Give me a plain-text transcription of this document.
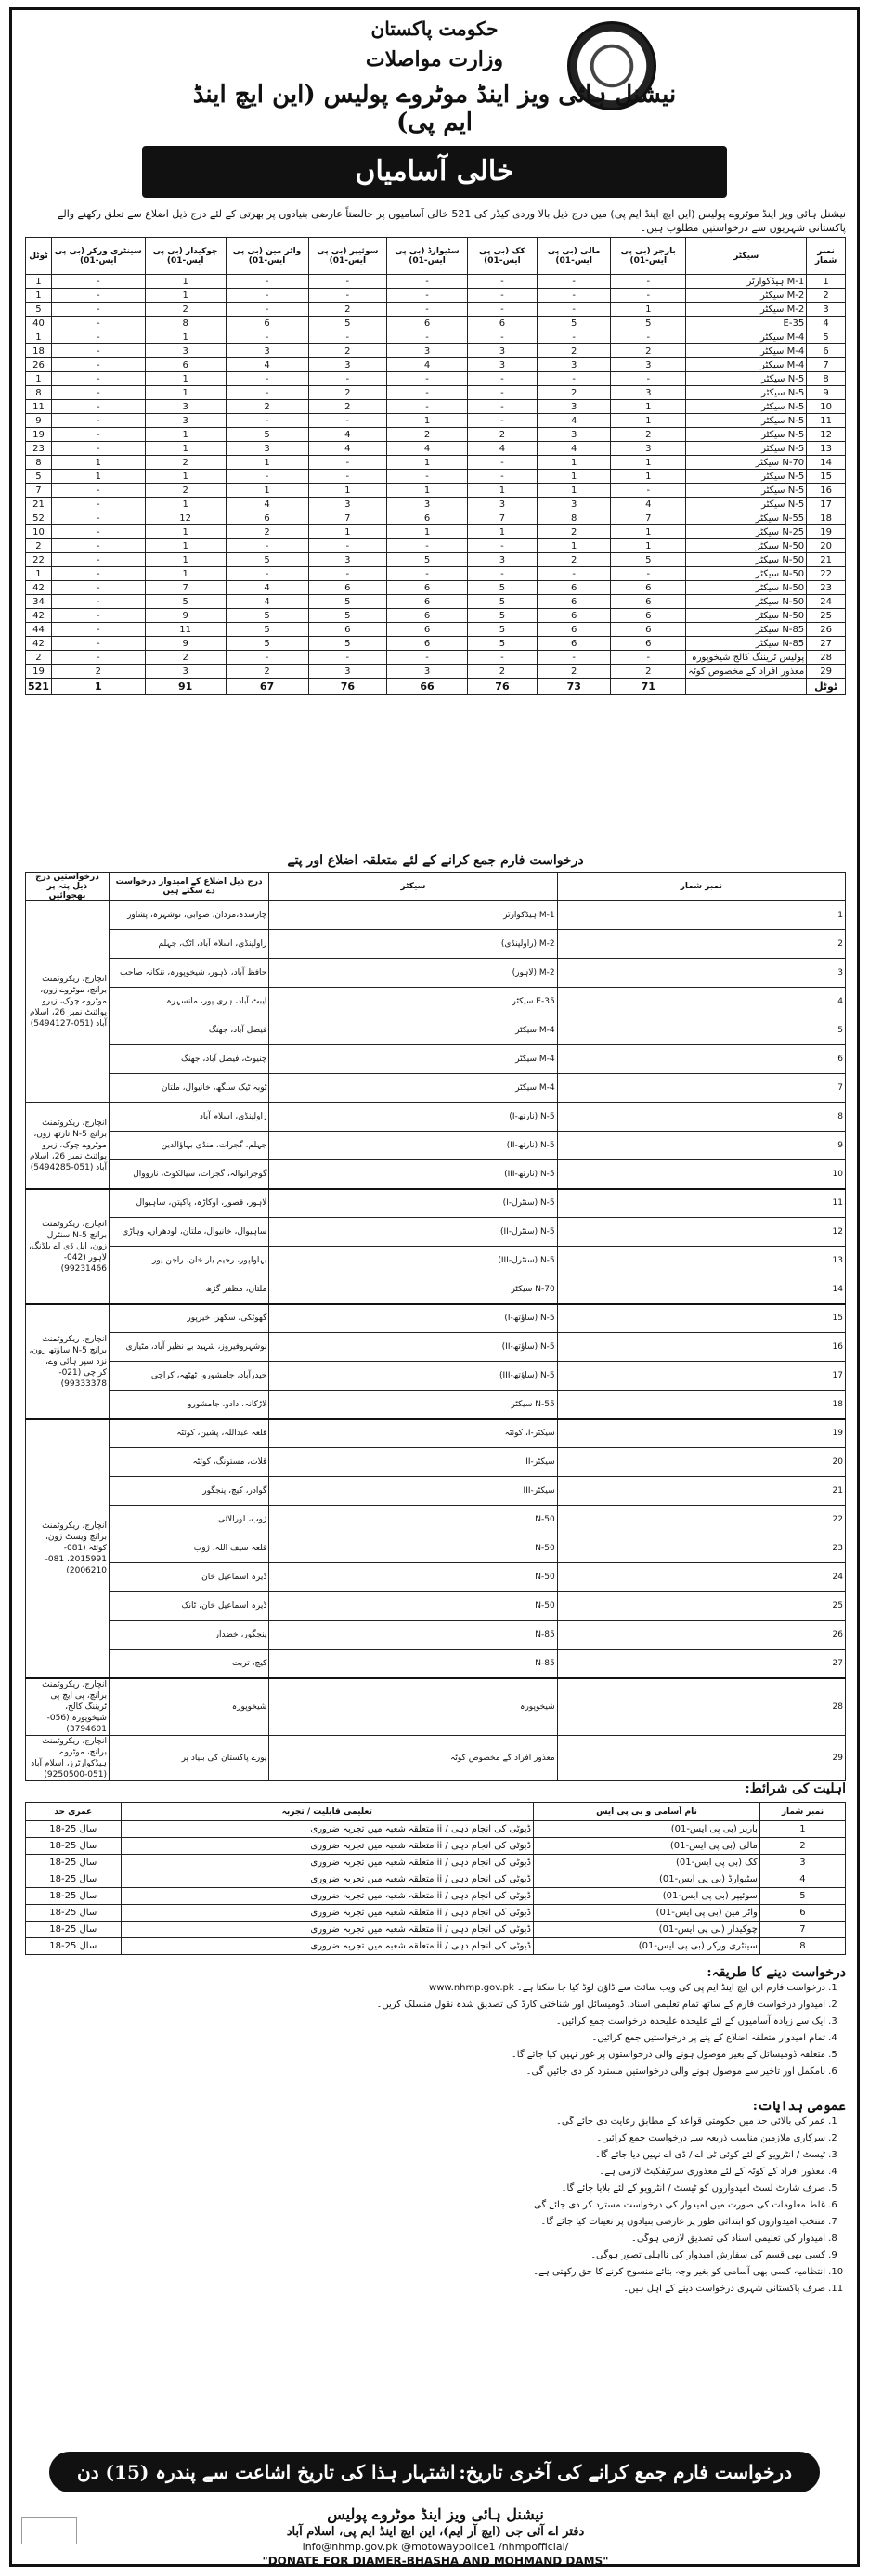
حکومت پاکستان
وزارت مواصلات
نیشنل ہائی ویز اینڈ موٹروے پولیس (این ایچ اینڈ ایم پی)
خالی آسامیاں
نیشنل ہائی ویز اینڈ موٹروے پولیس (این ایچ اینڈ ایم پی) میں درج ذیل بالا وردی کیڈر کی 521 خالی آسامیوں پر خالصتاً عارضی بنیادوں پر بھرتی کے لئے درج ذیل اضلاع سے تعلق رکھنے والے پاکستانی شہریوں سے درخواستیں مطلوب ہیں۔
ٹوٹل	سینٹری ورکر (بی پی ایس-01)	چوکیدار (بی پی ایس-01)	واٹر مین (بی پی ایس-01)	سوئیپر (بی پی ایس-01)	سٹیوارڈ (بی پی ایس-01)	کک (بی پی ایس-01)	مالی (بی پی ایس-01)	بارجر (بی پی ایس-01)	سیکٹر	نمبر شمار
1	-	1	-	-	-	-	-	-	M-1 ہیڈکوارٹر	1
1	-	1	-	-	-	-	-	-	M-2 سیکٹر	2
5	-	2	-	2	-	-	-	1	M-2 سیکٹر	3
40	-	8	6	5	6	6	5	5	E-35	4
1	-	1	-	-	-	-	-	-	M-4 سیکٹر	5
18	-	3	3	2	3	3	2	2	M-4 سیکٹر	6
26	-	6	4	3	4	3	3	3	M-4 سیکٹر	7
1	-	1	-	-	-	-	-	-	N-5 سیکٹر	8
8	-	1	-	2	-	-	2	3	N-5 سیکٹر	9
11	-	3	2	2	-	-	3	1	N-5 سیکٹر	10
9	-	3	-	-	1	-	4	1	N-5 سیکٹر	11
19	-	1	5	4	2	2	3	2	N-5 سیکٹر	12
23	-	1	3	4	4	4	4	3	N-5 سیکٹر	13
8	1	2	1	-	1	-	1	1	N-70 سیکٹر	14
5	1	1	-	-	-	-	1	1	N-5 سیکٹر	15
7	-	2	1	1	1	1	1	-	N-5 سیکٹر	16
21	-	1	4	3	3	3	3	4	N-5 سیکٹر	17
52	-	12	6	7	6	7	8	7	N-55 سیکٹر	18
10	-	1	2	1	1	1	2	1	N-25 سیکٹر	19
2	-	1	-	-	-	-	1	1	N-50 سیکٹر	20
22	-	1	5	3	5	3	2	5	N-50 سیکٹر	21
1	-	1	-	-	-	-	-	-	N-50 سیکٹر	22
42	-	7	4	6	6	5	6	6	N-50 سیکٹر	23
34	-	5	4	5	6	5	6	6	N-50 سیکٹر	24
42	-	9	5	5	6	5	6	6	N-50 سیکٹر	25
44	-	11	5	6	6	5	6	6	N-85 سیکٹر	26
42	-	9	5	5	6	5	6	6	N-85 سیکٹر	27
2	-	2	-	-	-	-	-	-	پولیس ٹریننگ کالج شیخوپورہ	28
19	2	3	2	3	3	2	2	2	معذور افراد کے مخصوص کوٹہ	29
521	1	91	67	76	66	76	73	71		ٹوٹل
درخواست فارم جمع کرانے کے لئے متعلقہ اضلاع اور پتے
درخواستیں درج ذیل پتہ پر بھجوائیں	درج ذیل اضلاع کے امیدوار درخواست دے سکتے ہیں	سیکٹر	نمبر شمار
انچارج، ریکروٹمنٹ برانچ، موٹروے زون، موٹروے چوک، زیرو پوائنٹ نمبر 26، اسلام آباد (051-5494127)	چارسدہ،مردان، صوابی، نوشہرہ، پشاور	M-1 ہیڈکوارٹر	1
	راولپنڈی، اسلام آباد، اٹک، جہلم	M-2 (راولپنڈی)	2
	حافظ آباد، لاہور، شیخوپورہ، ننکانہ صاحب	M-2 (لاہور)	3
	ایبٹ آباد، ہری پور، مانسہرہ	E-35 سیکٹر	4
	فیصل آباد، جھنگ	M-4 سیکٹر	5
	چنیوٹ، فیصل آباد، جھنگ	M-4 سیکٹر	6
	ٹوبہ ٹیک سنگھ، خانیوال، ملتان	M-4 سیکٹر	7
انچارج، ریکروٹمنٹ برانچ N-5 نارتھ زون، موٹروے چوک، زیرو پوائنٹ نمبر 26، اسلام آباد (051-5494285)	راولپنڈی، اسلام آباد	N-5 (نارتھ-I)	8
	جہلم، گجرات، منڈی بہاؤالدین	N-5 (نارتھ-II)	9
	گوجرانوالہ، گجرات، سیالکوٹ، نارووال	N-5 (نارتھ-III)	10
انچارج، ریکروٹمنٹ برانچ N-5 سنٹرل زون، ایل ڈی اے بلڈنگ، لاہور (042-99231466)	لاہور، قصور، اوکاڑہ، پاکپتن، ساہیوال	N-5 (سنٹرل-I)	11
	ساہیوال، خانیوال، ملتان، لودھراں، وہاڑی	N-5 (سنٹرل-II)	12
	بہاولپور، رحیم یار خان، راجن پور	N-5 (سنٹرل-III)	13
	ملتان، مظفر گڑھ	N-70 سیکٹر	14
انچارج، ریکروٹمنٹ برانچ N-5 ساؤتھ زون، نزد سپر ہائی وے، کراچی (021-99333378)	گھوٹکی، سکھر، خیرپور	N-5 (ساؤتھ-I)	15
	نوشہروفیروز، شہید بے نظیر آباد، مٹیاری	N-5 (ساؤتھ-II)	16
	حیدرآباد، جامشورو، ٹھٹھہ، کراچی	N-5 (ساؤتھ-III)	17
	لاڑکانہ، دادو، جامشورو	N-55 سیکٹر	18
انچارج، ریکروٹمنٹ برانچ ویسٹ زون، کوئٹہ (081-2015991، 081-2006210)	قلعہ عبداللہ، پشین، کوئٹہ	سیکٹر-I، کوئٹہ	19
	قلات، مستونگ، کوئٹہ	سیکٹر-II	20
	گوادر، کیچ، پنجگور	سیکٹر-III	21
	ژوب، لورالائی	N-50	22
	قلعہ سیف اللہ، ژوب	N-50	23
	ڈیرہ اسماعیل خان	N-50	24
	ڈیرہ اسماعیل خان، ٹانک	N-50	25
	پنجگور، خضدار	N-85	26
	کیچ، تربت	N-85	27
انچارج، ریکروٹمنٹ برانچ، پی ایچ پی ٹریننگ کالج، شیخوپورہ (056-3794601)	شیخوپورہ	شیخوپورہ	28
انچارج، ریکروٹمنٹ برانچ، موٹروے ہیڈکوارٹرز، اسلام آباد (051-9250500)	پورے پاکستان کی بنیاد پر	معذور افراد کے مخصوص کوٹہ	29
اہلیت کی شرائط:
عمری حد	تعلیمی قابلیت / تجربہ	نام آسامی و بی پی ایس	نمبر شمار
18-25 سال	ڈیوٹی کی انجام دہی / ii متعلقہ شعبہ میں تجربہ ضروری	باربر (بی پی ایس-01)	1
18-25 سال	ڈیوٹی کی انجام دہی / ii متعلقہ شعبہ میں تجربہ ضروری	مالی (بی پی ایس-01)	2
18-25 سال	ڈیوٹی کی انجام دہی / ii متعلقہ شعبہ میں تجربہ ضروری	کک (بی پی ایس-01)	3
18-25 سال	ڈیوٹی کی انجام دہی / ii متعلقہ شعبہ میں تجربہ ضروری	سٹیوارڈ (بی پی ایس-01)	4
18-25 سال	ڈیوٹی کی انجام دہی / ii متعلقہ شعبہ میں تجربہ ضروری	سوئیپر (بی پی ایس-01)	5
18-25 سال	ڈیوٹی کی انجام دہی / ii متعلقہ شعبہ میں تجربہ ضروری	واٹر مین (بی پی ایس-01)	6
18-25 سال	ڈیوٹی کی انجام دہی / ii متعلقہ شعبہ میں تجربہ ضروری	چوکیدار (بی پی ایس-01)	7
18-25 سال	ڈیوٹی کی انجام دہی / ii متعلقہ شعبہ میں تجربہ ضروری	سینٹری ورکر (بی پی ایس-01)	8
درخواست دینے کا طریقہ:
1. درخواست فارم این ایچ اینڈ ایم پی کی ویب سائٹ سے ڈاؤن لوڈ کیا جا سکتا ہے۔ www.nhmp.gov.pk
2. امیدوار درخواست فارم کے ساتھ تمام تعلیمی اسناد، ڈومیسائل اور شناختی کارڈ کی تصدیق شدہ نقول منسلک کریں۔
3. ایک سے زیادہ آسامیوں کے لئے علیحدہ علیحدہ درخواست جمع کرائیں۔
4. تمام امیدوار متعلقہ اضلاع کے پتے پر درخواستیں جمع کرائیں۔
5. متعلقہ ڈومیسائل کے بغیر موصول ہونے والی درخواستوں پر غور نہیں کیا جائے گا۔
6. نامکمل اور تاخیر سے موصول ہونے والی درخواستیں مسترد کر دی جائیں گی۔
عمومی ہدایات:
1. عمر کی بالائی حد میں حکومتی قواعد کے مطابق رعایت دی جائے گی۔
2. سرکاری ملازمین مناسب ذریعہ سے درخواست جمع کرائیں۔
3. ٹیسٹ / انٹرویو کے لئے کوئی ٹی اے / ڈی اے نہیں دیا جائے گا۔
4. معذور افراد کے کوٹہ کے لئے معذوری سرٹیفکیٹ لازمی ہے۔
5. صرف شارٹ لسٹ امیدواروں کو ٹیسٹ / انٹرویو کے لئے بلایا جائے گا۔
6. غلط معلومات کی صورت میں امیدوار کی درخواست مسترد کر دی جائے گی۔
7. منتخب امیدواروں کو ابتدائی طور پر عارضی بنیادوں پر تعینات کیا جائے گا۔
8. امیدوار کی تعلیمی اسناد کی تصدیق لازمی ہوگی۔
9. کسی بھی قسم کی سفارش امیدوار کی نااہلی تصور ہوگی۔
10. انتظامیہ کسی بھی آسامی کو بغیر وجہ بتائے منسوخ کرنے کا حق رکھتی ہے۔
11. صرف پاکستانی شہری درخواست دینے کے اہل ہیں۔
درخواست فارم جمع کرانے کی آخری تاریخ:
اشتہار ہذا کی تاریخ اشاعت سے پندرہ (15) دن
نیشنل ہائی ویز اینڈ موٹروے پولیس
دفتر اے آئی جی (ایچ آر ایم)، این ایچ اینڈ ایم پی، اسلام آباد
info@nhmp.gov.pk @motowaypolice1 /nhmpofficial/
"DONATE FOR DIAMER-BHASHA AND MOHMAND DAMS"
